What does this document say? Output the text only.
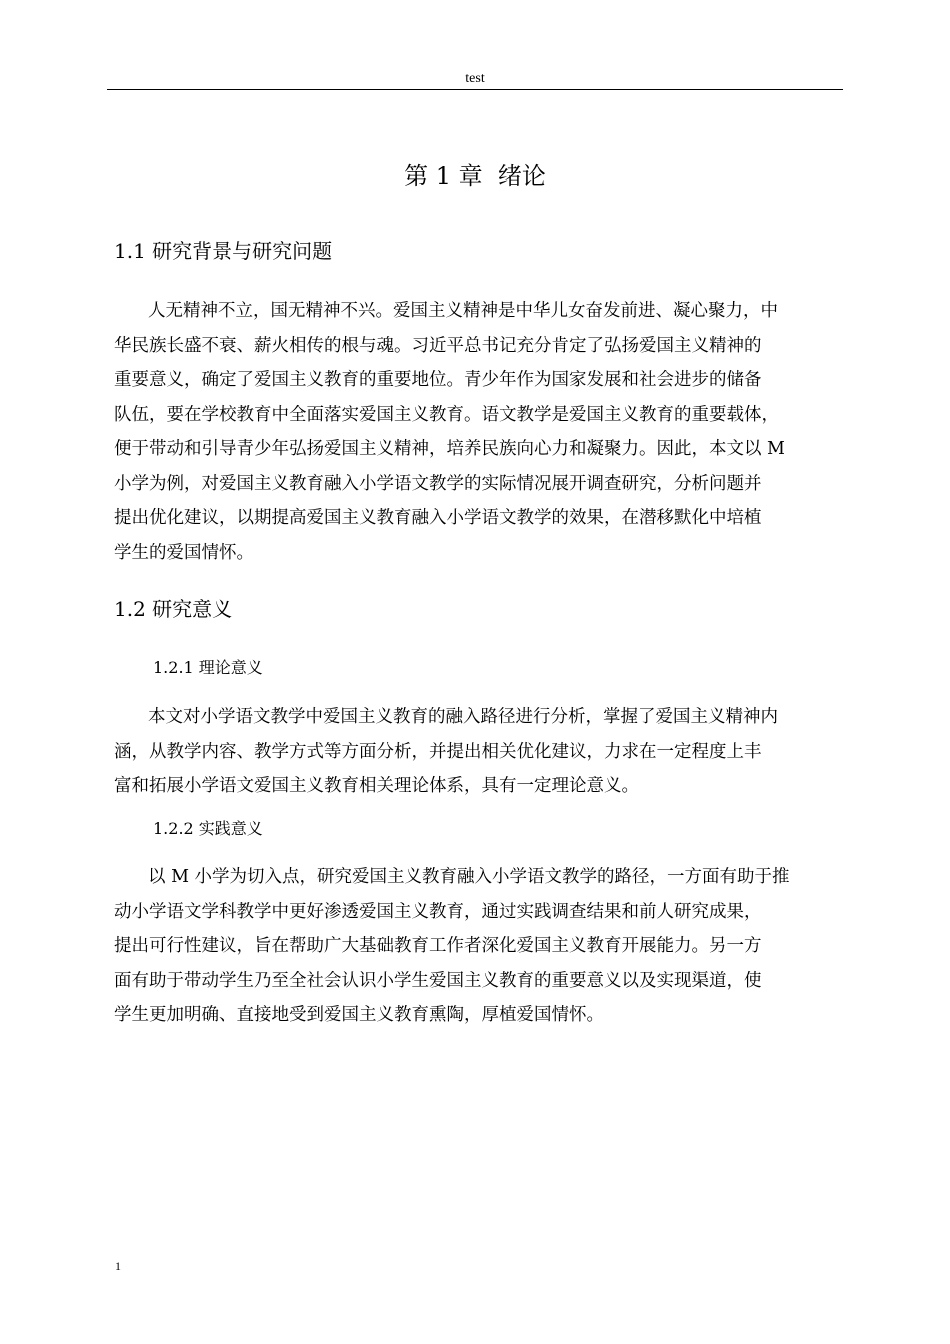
test
第 1 章  绪论
1.1 研究背景与研究问题
人无精神不立，国无精神不兴。爱国主义精神是中华儿女奋发前进、凝心聚力，中
华民族长盛不衰、薪火相传的根与魂。习近平总书记充分肯定了弘扬爱国主义精神的
重要意义，确定了爱国主义教育的重要地位。青少年作为国家发展和社会进步的储备
队伍，要在学校教育中全面落实爱国主义教育。语文教学是爱国主义教育的重要载体，
便于带动和引导青少年弘扬爱国主义精神，培养民族向心力和凝聚力。因此，本文以 M
小学为例，对爱国主义教育融入小学语文教学的实际情况展开调查研究，分析问题并
提出优化建议，以期提高爱国主义教育融入小学语文教学的效果，在潜移默化中培植
学生的爱国情怀。
1.2 研究意义
1.2.1 理论意义
本文对小学语文教学中爱国主义教育的融入路径进行分析，掌握了爱国主义精神内
涵，从教学内容、教学方式等方面分析，并提出相关优化建议，力求在一定程度上丰
富和拓展小学语文爱国主义教育相关理论体系，具有一定理论意义。
1.2.2 实践意义
以 M 小学为切入点，研究爱国主义教育融入小学语文教学的路径，一方面有助于推
动小学语文学科教学中更好渗透爱国主义教育，通过实践调查结果和前人研究成果，
提出可行性建议，旨在帮助广大基础教育工作者深化爱国主义教育开展能力。另一方
面有助于带动学生乃至全社会认识小学生爱国主义教育的重要意义以及实现渠道，使
学生更加明确、直接地受到爱国主义教育熏陶，厚植爱国情怀。
1
